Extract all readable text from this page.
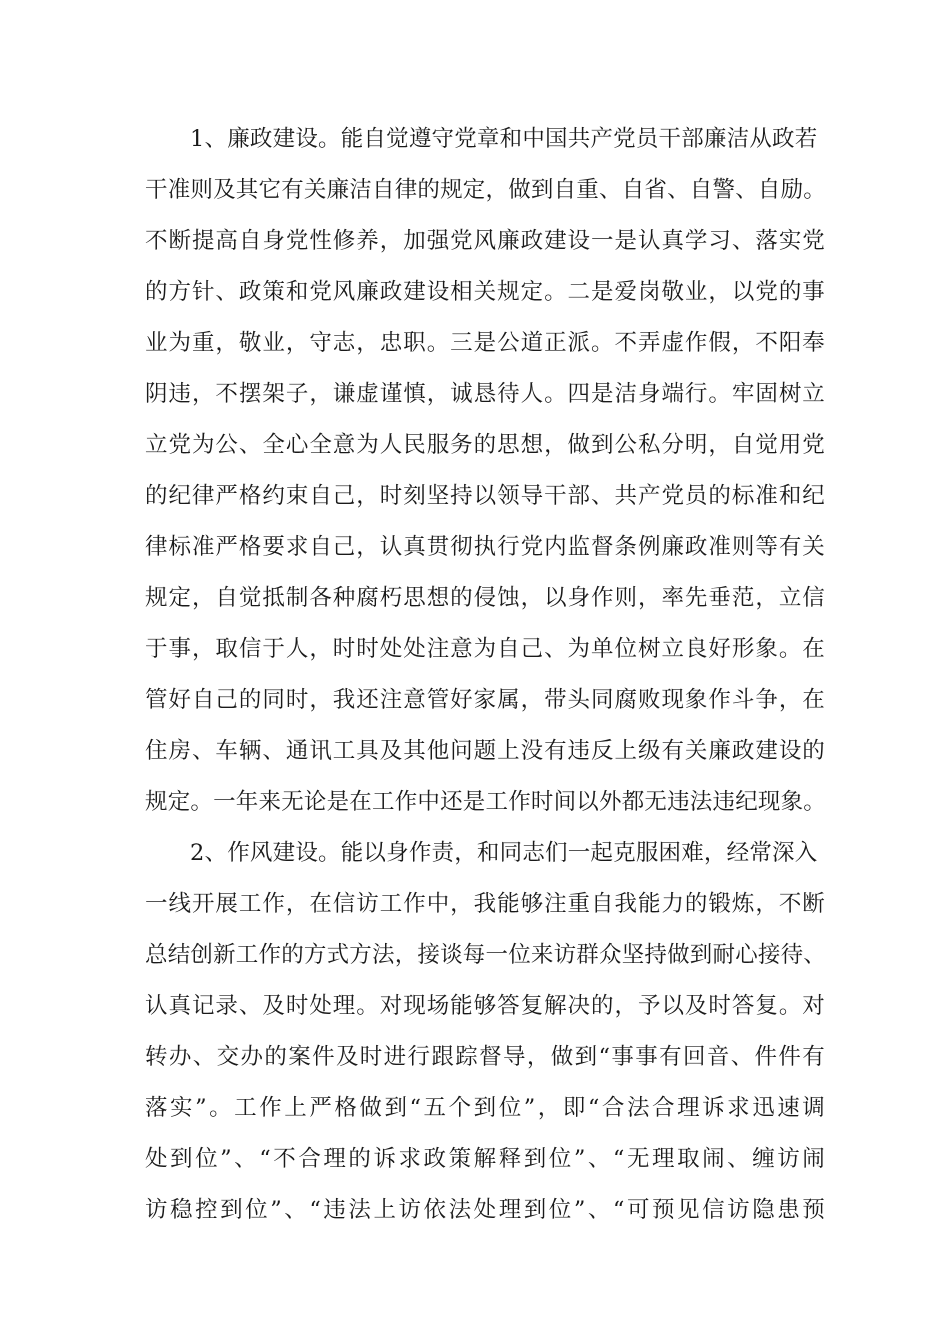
1、廉政建设。能自觉遵守党章和中国共产党员干部廉洁从政若
干准则及其它有关廉洁自律的规定，做到自重、自省、自警、自励。
不断提高自身党性修养，加强党风廉政建设一是认真学习、落实党
的方针、政策和党风廉政建设相关规定。二是爱岗敬业，以党的事
业为重，敬业，守志，忠职。三是公道正派。不弄虚作假，不阳奉
阴违，不摆架子，谦虚谨慎，诚恳待人。四是洁身端行。牢固树立
立党为公、全心全意为人民服务的思想，做到公私分明，自觉用党
的纪律严格约束自己，时刻坚持以领导干部、共产党员的标准和纪
律标准严格要求自己，认真贯彻执行党内监督条例廉政准则等有关
规定，自觉抵制各种腐朽思想的侵蚀，以身作则，率先垂范，立信
于事，取信于人，时时处处注意为自己、为单位树立良好形象。在
管好自己的同时，我还注意管好家属，带头同腐败现象作斗争，在
住房、车辆、通讯工具及其他问题上没有违反上级有关廉政建设的
规定。一年来无论是在工作中还是工作时间以外都无违法违纪现象。
2、作风建设。能以身作责，和同志们一起克服困难，经常深入
一线开展工作，在信访工作中，我能够注重自我能力的锻炼，不断
总结创新工作的方式方法，接谈每一位来访群众坚持做到耐心接待、
认真记录、及时处理。对现场能够答复解决的，予以及时答复。对
转办、交办的案件及时进行跟踪督导，做到“事事有回音、件件有
落实”。工作上严格做到“五个到位”，即“合法合理诉求迅速调
处到位”、“不合理的诉求政策解释到位”、“无理取闹、缠访闹
访稳控到位”、“违法上访依法处理到位”、“可预见信访隐患预
